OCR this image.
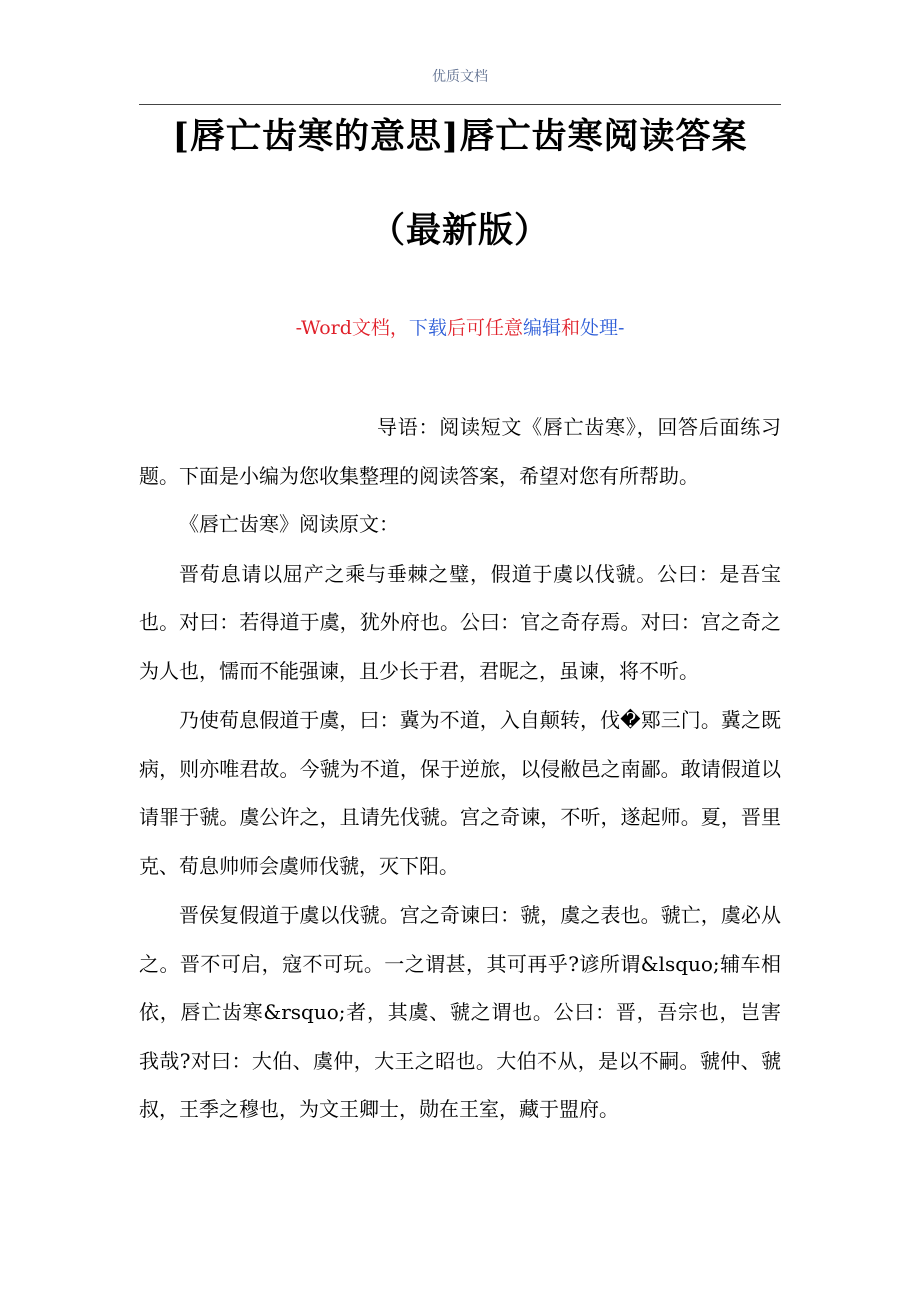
优质文档
[唇亡齿寒的意思]唇亡齿寒阅读答案
（最新版）
-Word文档，下载后可任意编辑和处理-

导语：阅读短文《唇亡齿寒》，回答后面练习题。下面是小编为您收集整理的阅读答案，希望对您有所帮助。

《唇亡齿寒》阅读原文：

晋荀息请以屈产之乘与垂棘之璧，假道于虞以伐虢。公曰：是吾宝也。对曰：若得道于虞，犹外府也。公曰：官之奇存焉。对曰：宫之奇之为人也，懦而不能强谏，且少长于君，君昵之，虽谏，将不听。

乃使荀息假道于虞，曰：冀为不道，入自颠转，伐�鄍三门。冀之既病，则亦唯君故。今虢为不道，保于逆旅，以侵敝邑之南鄙。敢请假道以请罪于虢。虞公许之，且请先伐虢。宫之奇谏，不听，遂起师。夏，晋里克、荀息帅师会虞师伐虢，灭下阳。

晋侯复假道于虞以伐虢。宫之奇谏曰：虢，虞之表也。虢亡，虞必从之。晋不可启，寇不可玩。一之谓甚，其可再乎?谚所谓&lsquo;辅车相依，唇亡齿寒&rsquo;者，其虞、虢之谓也。公曰：晋，吾宗也，岂害我哉?对曰：大伯、虞仲，大王之昭也。大伯不从，是以不嗣。虢仲、虢叔，王季之穆也，为文王卿士，勋在王室，藏于盟府。
